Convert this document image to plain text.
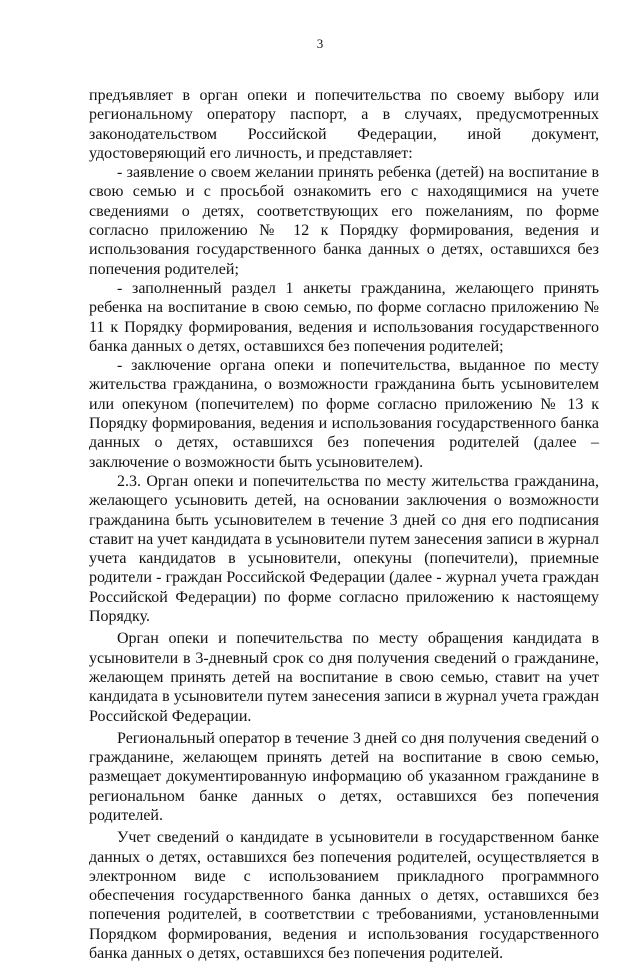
3

предъявляет в орган опеки и попечительства по своему выбору или региональному оператору паспорт, а в случаях, предусмотренных законодательством Российской Федерации, иной документ, удостоверяющий его личность, и представляет:

- заявление о своем желании принять ребенка (детей) на воспитание в свою семью и с просьбой ознакомить его с находящимися на учете сведениями о детях, соответствующих его пожеланиям, по форме согласно приложению № 12 к Порядку формирования, ведения и использования государственного банка данных о детях, оставшихся без попечения родителей;

- заполненный раздел 1 анкеты гражданина, желающего принять ребенка на воспитание в свою семью, по форме согласно приложению № 11 к Порядку формирования, ведения и использования государственного банка данных о детях, оставшихся без попечения родителей;

- заключение органа опеки и попечительства, выданное по месту жительства гражданина, о возможности гражданина быть усыновителем или опекуном (попечителем) по форме согласно приложению № 13 к Порядку формирования, ведения и использования государственного банка данных о детях, оставшихся без попечения родителей (далее – заключение о возможности быть усыновителем).

2.3. Орган опеки и попечительства по месту жительства гражданина, желающего усыновить детей, на основании заключения о возможности гражданина быть усыновителем в течение 3 дней со дня его подписания ставит на учет кандидата в усыновители путем занесения записи в журнал учета кандидатов в усыновители, опекуны (попечители), приемные родители - граждан Российской Федерации (далее - журнал учета граждан Российской Федерации) по форме согласно приложению к настоящему Порядку.

Орган опеки и попечительства по месту обращения кандидата в усыновители в 3-дневный срок со дня получения сведений о гражданине, желающем принять детей на воспитание в свою семью, ставит на учет кандидата в усыновители путем занесения записи в журнал учета граждан Российской Федерации.

Региональный оператор в течение 3 дней со дня получения сведений о гражданине, желающем принять детей на воспитание в свою семью, размещает документированную информацию об указанном гражданине в региональном банке данных о детях, оставшихся без попечения родителей.

Учет сведений о кандидате в усыновители в государственном банке данных о детях, оставшихся без попечения родителей, осуществляется в электронном виде с использованием прикладного программного обеспечения государственного банка данных о детях, оставшихся без попечения родителей, в соответствии с требованиями, установленными Порядком формирования, ведения и использования государственного банка данных о детях, оставшихся без попечения родителей.
